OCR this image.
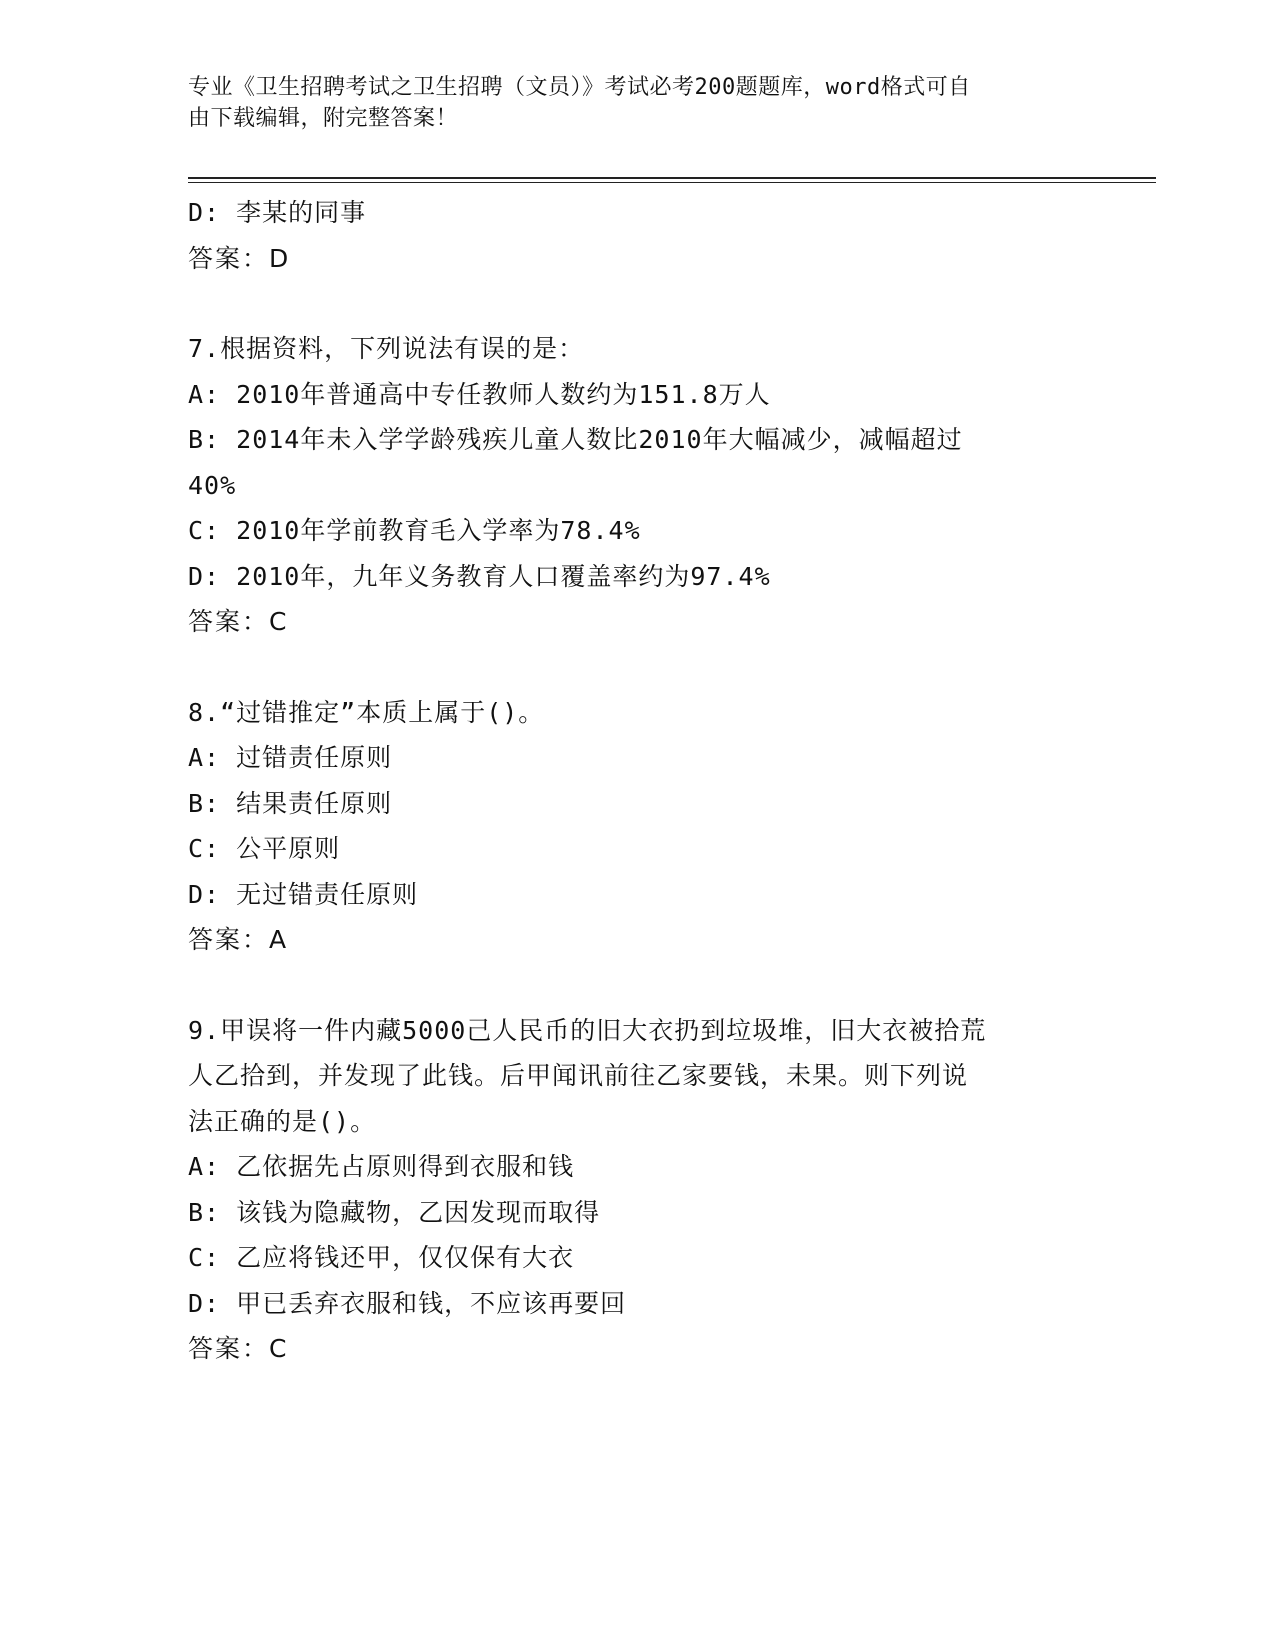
专业《卫生招聘考试之卫生招聘（文员）》考试必考200题题库，word格式可自
由下载编辑，附完整答案！
D: 李某的同事
答案：D
7.根据资料，下列说法有误的是：
A: 2010年普通高中专任教师人数约为151.8万人
B: 2014年未入学学龄残疾儿童人数比2010年大幅减少，减幅超过
40%
C: 2010年学前教育毛入学率为78.4%
D: 2010年，九年义务教育人口覆盖率约为97.4%
答案：C
8.“过错推定”本质上属于()。
A: 过错责任原则
B: 结果责任原则
C: 公平原则
D: 无过错责任原则
答案：A
9.甲误将一件内藏5000己人民币的旧大衣扔到垃圾堆，旧大衣被拾荒
人乙拾到，并发现了此钱。后甲闻讯前往乙家要钱，未果。则下列说
法正确的是()。
A: 乙依据先占原则得到衣服和钱
B: 该钱为隐藏物，乙因发现而取得
C: 乙应将钱还甲，仅仅保有大衣
D: 甲已丢弃衣服和钱，不应该再要回
答案：C
